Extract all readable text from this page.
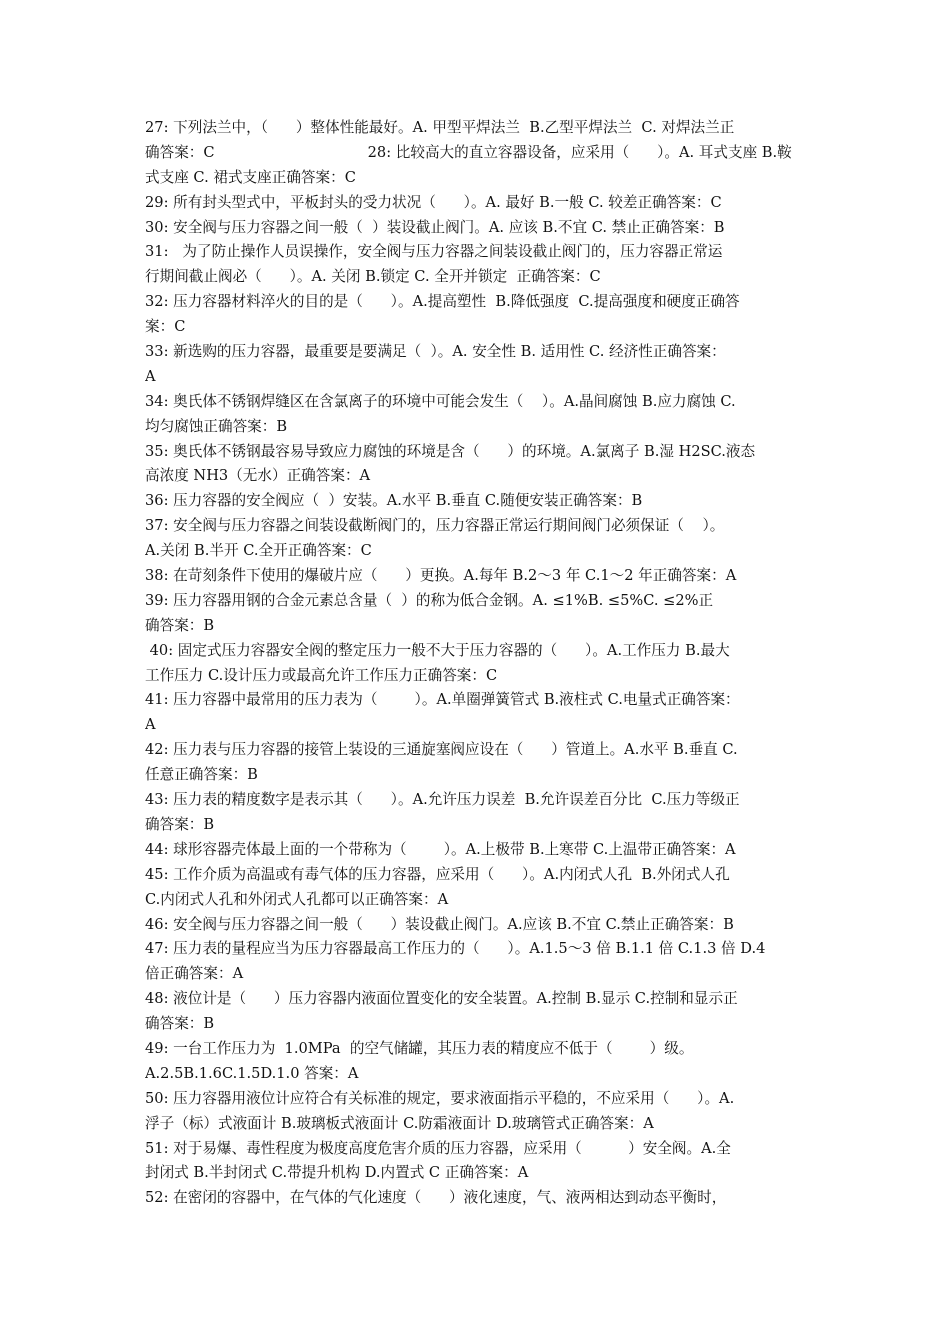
27: 下列法兰中，（      ）整体性能最好。A. 甲型平焊法兰  B.乙型平焊法兰  C. 对焊法兰正
确答案：C                                 28: 比较高大的直立容器设备，应采用（      ）。A. 耳式支座 B.鞍
式支座 C. 裙式支座正确答案：C
29: 所有封头型式中，平板封头的受力状况（      ）。A. 最好 B.一般 C. 较差正确答案：C
30: 安全阀与压力容器之间一般（  ）装设截止阀门。A. 应该 B.不宜 C. 禁止正确答案：B
31:   为了防止操作人员误操作，安全阀与压力容器之间装设截止阀门的，压力容器正常运
行期间截止阀必（      ）。A. 关闭 B.锁定 C. 全开并锁定  正确答案：C
32: 压力容器材料淬火的目的是（      ）。A.提高塑性  B.降低强度  C.提高强度和硬度正确答
案：C
33: 新选购的压力容器，最重要是要满足（  ）。A. 安全性 B. 适用性 C. 经济性正确答案：
A
34: 奥氏体不锈钢焊缝区在含氯离子的环境中可能会发生（    ）。A.晶间腐蚀 B.应力腐蚀 C.
均匀腐蚀正确答案：B
35: 奥氏体不锈钢最容易导致应力腐蚀的环境是含（      ）的环境。A.氯离子 B.湿 H2SC.液态
高浓度 NH3（无水）正确答案：A
36: 压力容器的安全阀应（  ）安装。A.水平 B.垂直 C.随便安装正确答案：B
37: 安全阀与压力容器之间装设截断阀门的，压力容器正常运行期间阀门必须保证（    ）。
A.关闭 B.半开 C.全开正确答案：C
38: 在苛刻条件下使用的爆破片应（      ）更换。A.每年 B.2～3 年 C.1～2 年正确答案：A
39: 压力容器用钢的合金元素总含量（  ）的称为低合金钢。A. ≤1%B. ≤5%C. ≤2%正
确答案：B
40: 固定式压力容器安全阀的整定压力一般不大于压力容器的（      ）。A.工作压力 B.最大
工作压力 C.设计压力或最高允许工作压力正确答案：C
41: 压力容器中最常用的压力表为（        ）。A.单圈弹簧管式 B.液柱式 C.电量式正确答案：
A
42: 压力表与压力容器的接管上装设的三通旋塞阀应设在（      ）管道上。A.水平 B.垂直 C.
任意正确答案：B
43: 压力表的精度数字是表示其（      ）。A.允许压力误差  B.允许误差百分比  C.压力等级正
确答案：B
44: 球形容器壳体最上面的一个带称为（        ）。A.上极带 B.上寒带 C.上温带正确答案：A
45: 工作介质为高温或有毒气体的压力容器，应采用（      ）。A.内闭式人孔  B.外闭式人孔
C.内闭式人孔和外闭式人孔都可以正确答案：A
46: 安全阀与压力容器之间一般（      ）装设截止阀门。A.应该 B.不宜 C.禁止正确答案：B
47: 压力表的量程应当为压力容器最高工作压力的（      ）。A.1.5～3 倍 B.1.1 倍 C.1.3 倍 D.4
倍正确答案：A
48: 液位计是（      ）压力容器内液面位置变化的安全装置。A.控制 B.显示 C.控制和显示正
确答案：B
49: 一台工作压力为  1.0MPa  的空气储罐，其压力表的精度应不低于（        ）级。
A.2.5B.1.6C.1.5D.1.0 答案：A
50: 压力容器用液位计应符合有关标准的规定，要求液面指示平稳的，不应采用（      ）。A.
浮子（标）式液面计 B.玻璃板式液面计 C.防霜液面计 D.玻璃管式正确答案：A
51: 对于易爆、毒性程度为极度高度危害介质的压力容器，应采用（          ）安全阀。A.全
封闭式 B.半封闭式 C.带提升机构 D.内置式 C 正确答案：A
52: 在密闭的容器中，在气体的气化速度（      ）液化速度，气、液两相达到动态平衡时，
